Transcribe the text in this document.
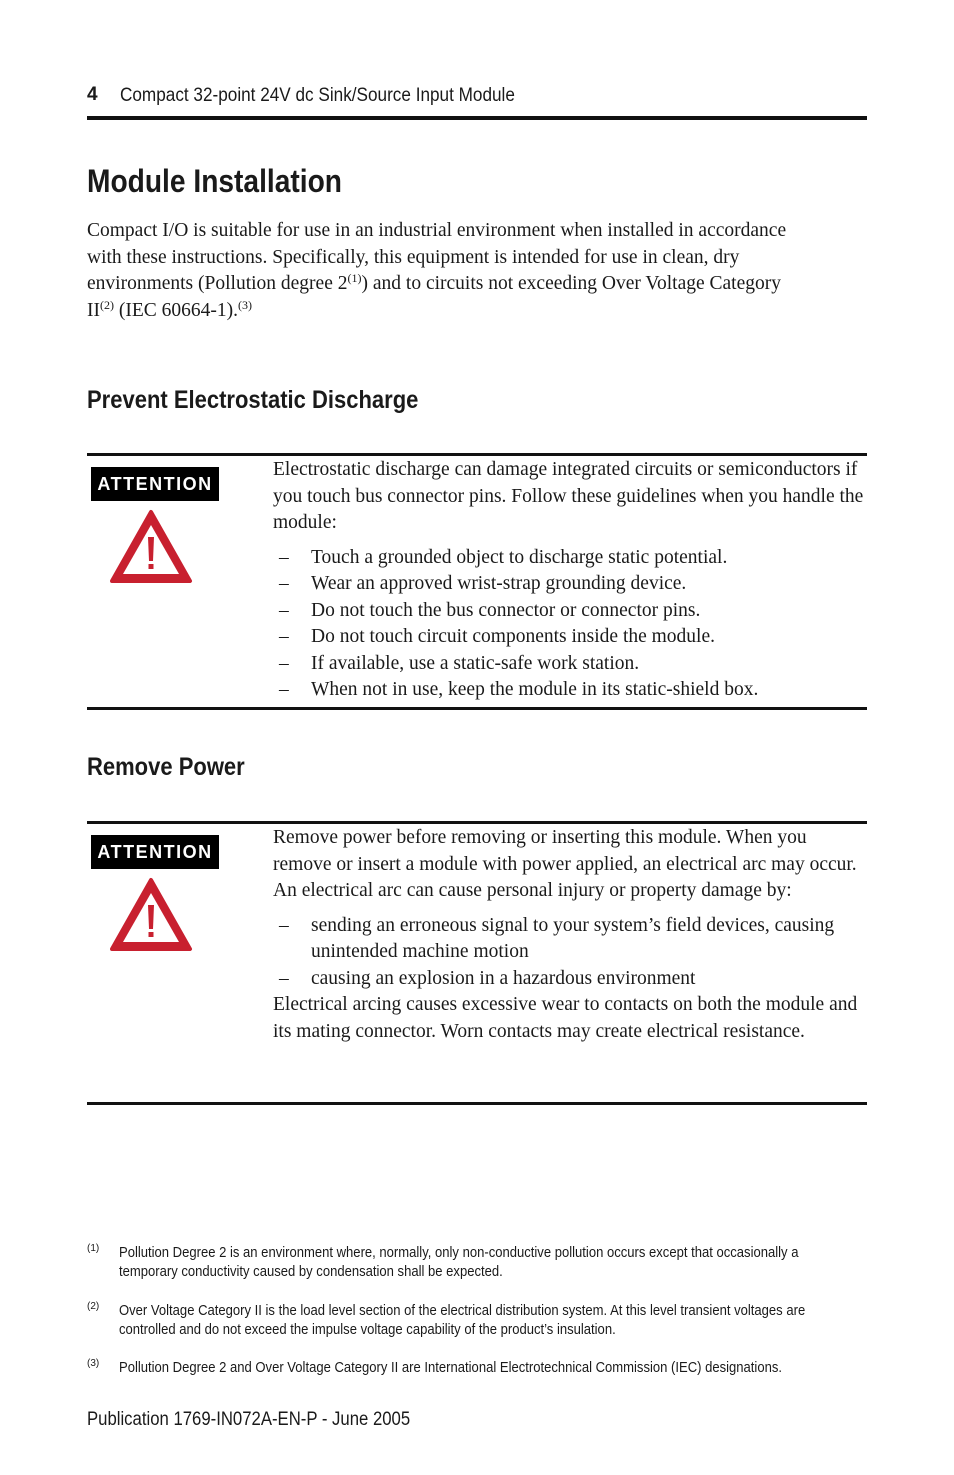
4 Compact 32-point 24V dc Sink/Source Input Module
Module Installation
Compact I/O is suitable for use in an industrial environment when installed in accordance
with these instructions. Specifically, this equipment is intended for use in clean, dry
environments (Pollution degree 2$^{(1)}$) and to circuits not exceeding Over Voltage Category
II$^{(2)}$ (IEC 60664-1).$^{(3)}$
Prevent Electrostatic Discharge
ATTENTION

Electrostatic discharge can damage integrated circuits or semiconductors if you touch bus connector pins. Follow these guidelines when you handle the module:

– Touch a grounded object to discharge static potential.
– Wear an approved wrist-strap grounding device.
– Do not touch the bus connector or connector pins.
– Do not touch circuit components inside the module.
– If available, use a static-safe work station.
– When not in use, keep the module in its static-shield box.
Remove Power
ATTENTION

Remove power before removing or inserting this module. When you remove or insert a module with power applied, an electrical arc may occur. An electrical arc can cause personal injury or property damage by:

– sending an erroneous signal to your system’s field devices, causing unintended machine motion
– causing an explosion in a hazardous environment

Electrical arcing causes excessive wear to contacts on both the module and its mating connector. Worn contacts may create electrical resistance.

(1) Pollution Degree 2 is an environment where, normally, only non-conductive pollution occurs except that occasionally a
temporary conductivity caused by condensation shall be expected.
(2) Over Voltage Category II is the load level section of the electrical distribution system. At this level transient voltages are
controlled and do not exceed the impulse voltage capability of the product’s insulation.
(3) Pollution Degree 2 and Over Voltage Category II are International Electrotechnical Commission (IEC) designations.
Publication 1769-IN072A-EN-P - June 2005
